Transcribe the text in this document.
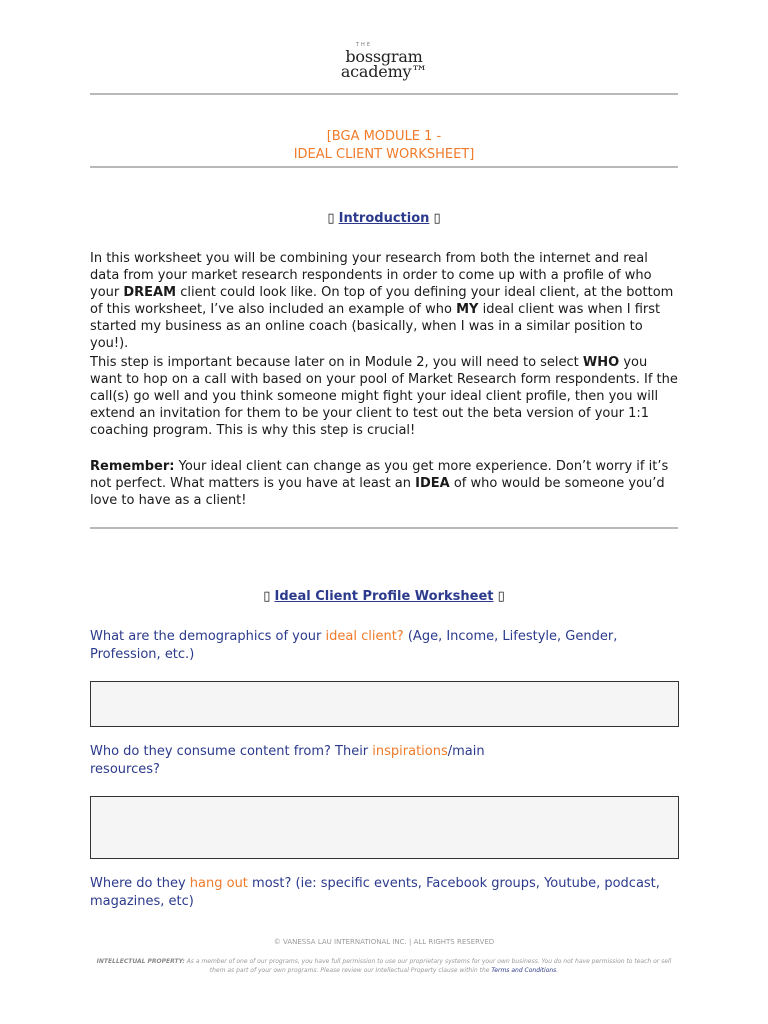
THE
bossgram
academy™
[BGA MODULE 1 -
IDEAL CLIENT WORKSHEET]
▯ Introduction ▯
In this worksheet you will be combining your research from both the internet and real data from your market research respondents in order to come up with a profile of who your DREAM client could look like. On top of you defining your ideal client, at the bottom of this worksheet, I’ve also included an example of who MY ideal client was when I first started my business as an online coach (basically, when I was in a similar position to you!).
This step is important because later on in Module 2, you will need to select WHO you want to hop on a call with based on your pool of Market Research form respondents. If the call(s) go well and you think someone might fight your ideal client profile, then you will extend an invitation for them to be your client to test out the beta version of your 1:1 coaching program. This is why this step is crucial!
Remember: Your ideal client can change as you get more experience. Don’t worry if it’s not perfect. What matters is you have at least an IDEA of who would be someone you’d love to have as a client!
▯ Ideal Client Profile Worksheet ▯
What are the demographics of your ideal client? (Age, Income, Lifestyle, Gender, Profession, etc.)
Who do they consume content from? Their inspirations/main
resources?
Where do they hang out most? (ie: specific events, Facebook groups, Youtube, podcast, magazines, etc)
© VANESSA LAU INTERNATIONAL INC. | ALL RIGHTS RESERVED
INTELLECTUAL PROPERTY: As a member of one of our programs, you have full permission to use our proprietary systems for your own business. You do not have permission to teach or sell them as part of your own programs. Please review our Intellectual Property clause within the Terms and Conditions.
